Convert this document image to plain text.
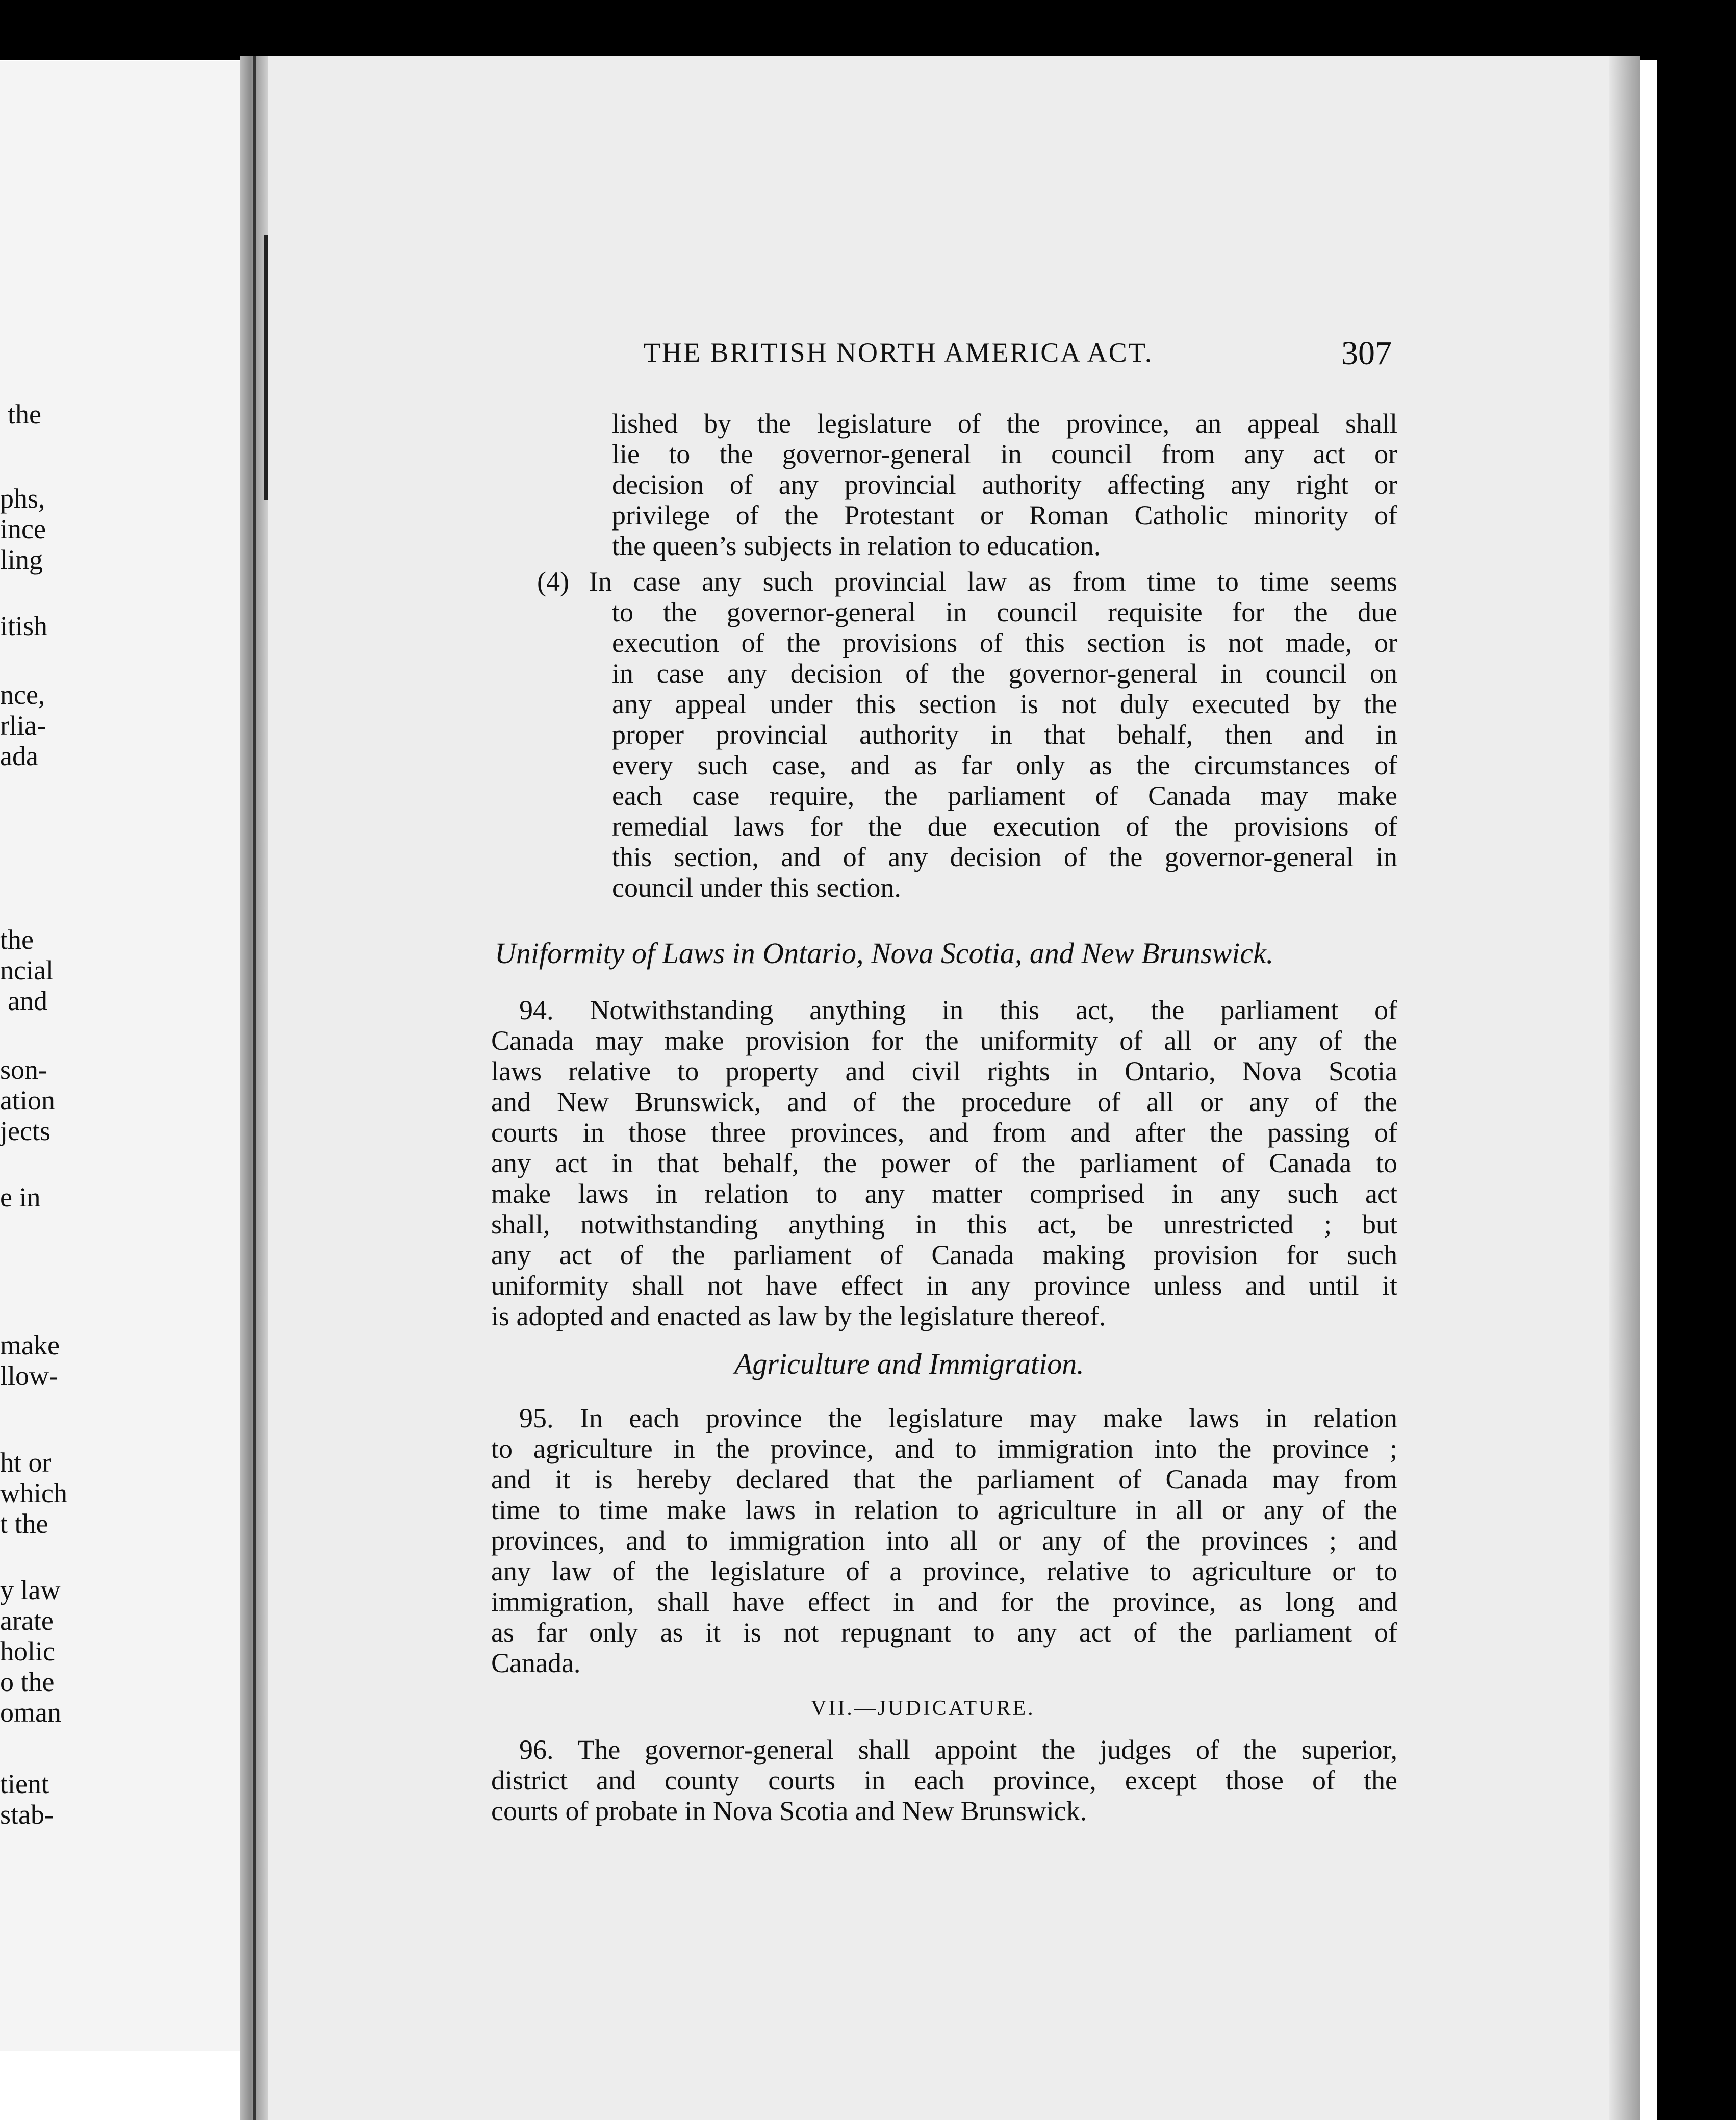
the
phs,
ince
ling
itish
nce,
rlia-
ada
the
ncial
and
son-
ation
jects
e in
make
llow-
ht or
which
t the
y law
arate
holic
o the
oman
tient
stab-
THE BRITISH NORTH AMERICA ACT.	307
lished by the legislature of the province, an appeal shall
lie to the governor-general in council from any act or
decision of any provincial authority affecting any right or
privilege of the Protestant or Roman Catholic minority of
the queen’s subjects in relation to education.
(4) In case any such provincial law as from time to time seems
to the governor-general in council requisite for the due
execution of the provisions of this section is not made, or
in case any decision of the governor-general in council on
any appeal under this section is not duly executed by the
proper provincial authority in that behalf, then and in
every such case, and as far only as the circumstances of
each case require, the parliament of Canada may make
remedial laws for the due execution of the provisions of
this section, and of any decision of the governor-general in
council under this section.
Uniformity of Laws in Ontario, Nova Scotia, and New Brunswick.
94. Notwithstanding anything in this act, the parliament of
Canada may make provision for the uniformity of all or any of the
laws relative to property and civil rights in Ontario, Nova Scotia
and New Brunswick, and of the procedure of all or any of the
courts in those three provinces, and from and after the passing of
any act in that behalf, the power of the parliament of Canada to
make laws in relation to any matter comprised in any such act
shall, notwithstanding anything in this act, be unrestricted ; but
any act of the parliament of Canada making provision for such
uniformity shall not have effect in any province unless and until it
is adopted and enacted as law by the legislature thereof.
Agriculture and Immigration.
95. In each province the legislature may make laws in relation
to agriculture in the province, and to immigration into the province ;
and it is hereby declared that the parliament of Canada may from
time to time make laws in relation to agriculture in all or any of the
provinces, and to immigration into all or any of the provinces ; and
any law of the legislature of a province, relative to agriculture or to
immigration, shall have effect in and for the province, as long and
as far only as it is not repugnant to any act of the parliament of
Canada.
VII.—JUDICATURE.
96. The governor-general shall appoint the judges of the superior,
district and county courts in each province, except those of the
courts of probate in Nova Scotia and New Brunswick.
